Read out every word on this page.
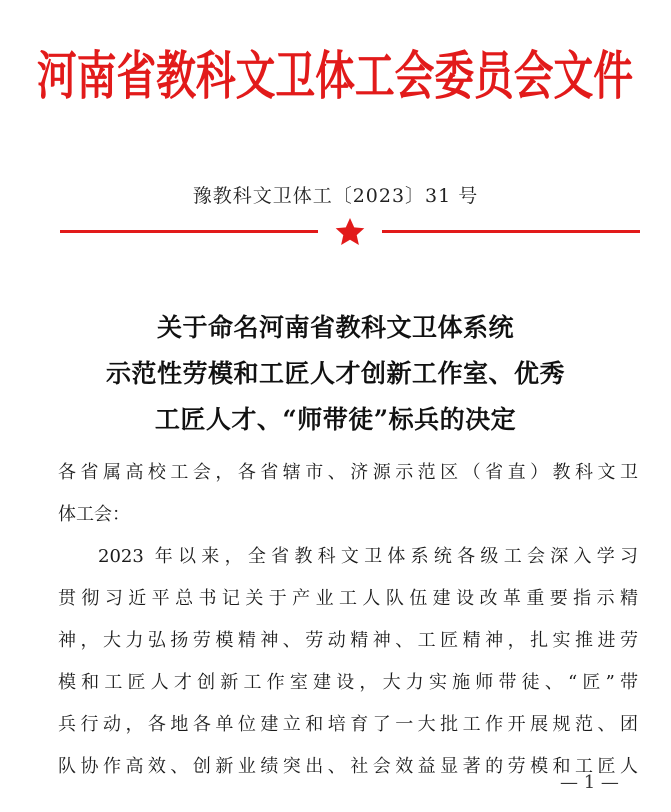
河南省教科文卫体工会委员会文件
豫教科文卫体工〔2023〕31 号
关于命名河南省教科文卫体系统
示范性劳模和工匠人才创新工作室、优秀
工匠人才、“师带徒”标兵的决定
各省属高校工会，各省辖市、济源示范区（省直）教科文卫
体工会：
2023 年以来，全省教科文卫体系统各级工会深入学习
贯彻习近平总书记关于产业工人队伍建设改革重要指示精
神，大力弘扬劳模精神、劳动精神、工匠精神，扎实推进劳
模和工匠人才创新工作室建设，大力实施师带徒、“匠”带
兵行动，各地各单位建立和培育了一大批工作开展规范、团
队协作高效、创新业绩突出、社会效益显著的劳模和工匠人
— 1 —
